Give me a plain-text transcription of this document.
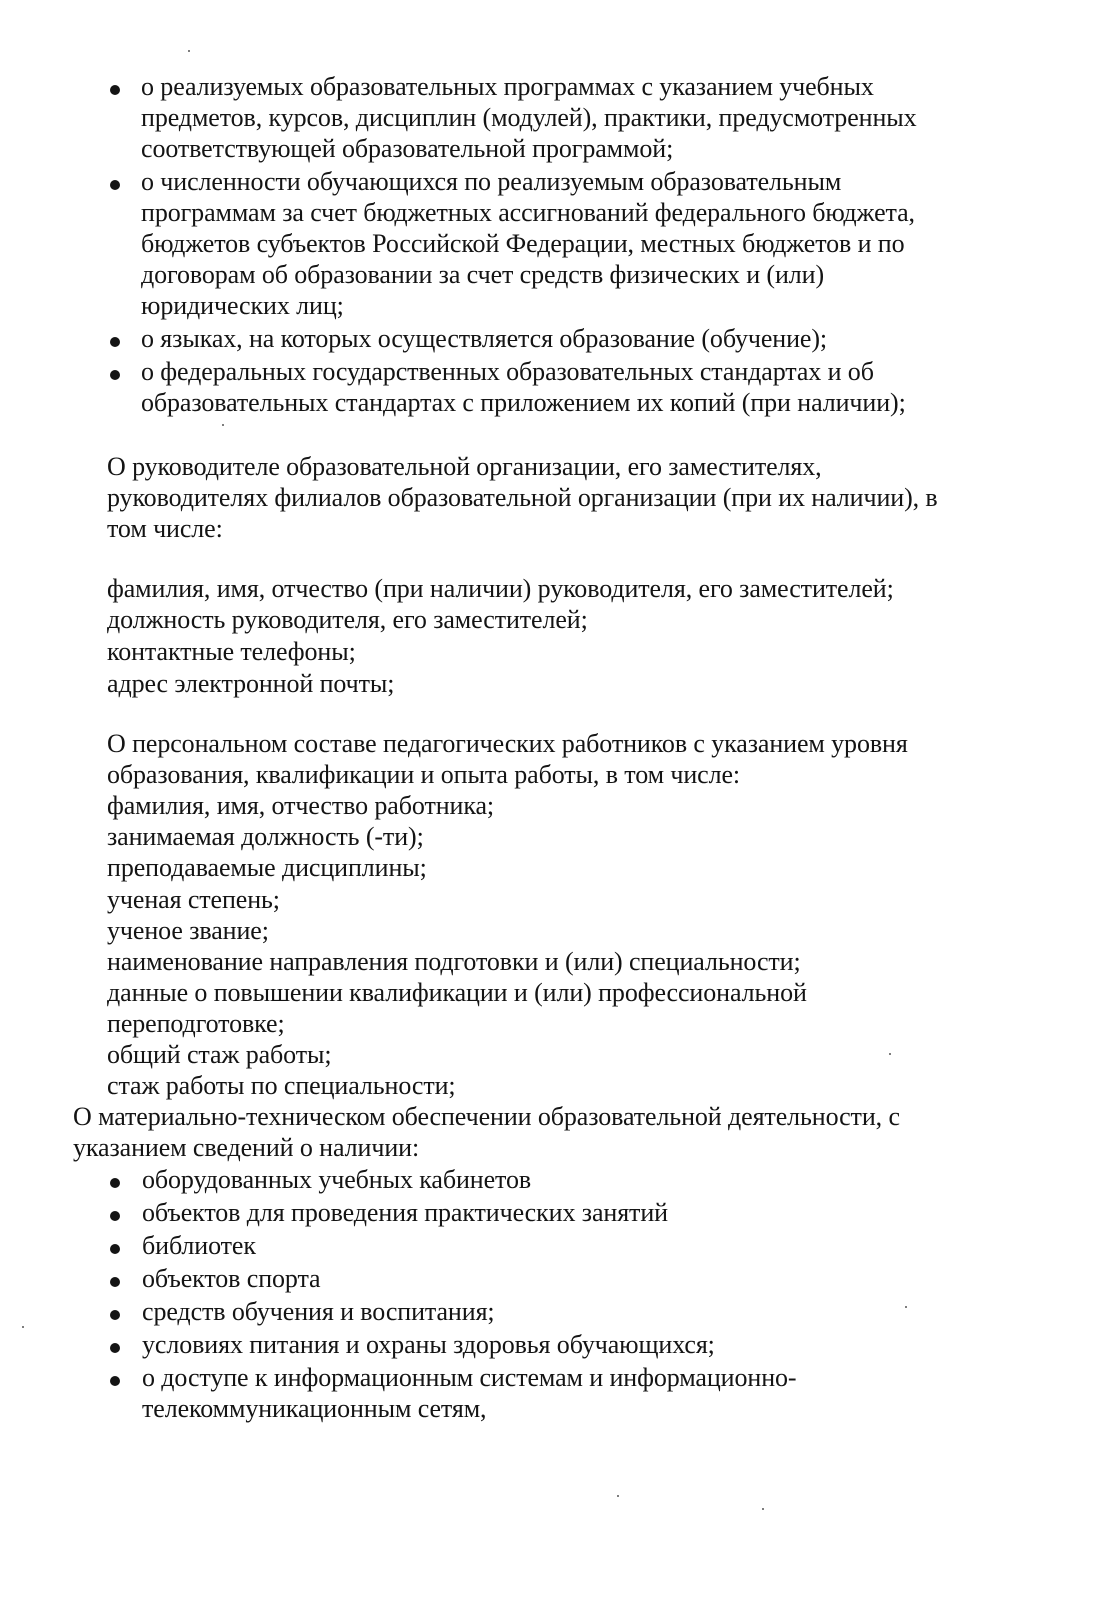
о реализуемых образовательных программах с указанием учебных
предметов, курсов, дисциплин (модулей), практики, предусмотренных
соответствующей образовательной программой;
о численности обучающихся по реализуемым образовательным
программам за счет бюджетных ассигнований федерального бюджета,
бюджетов субъектов Российской Федерации, местных бюджетов и по
договорам об образовании за счет средств физических и (или)
юридических лиц;
о языках, на которых осуществляется образование (обучение);
о федеральных государственных образовательных стандартах и об
образовательных стандартах с приложением их копий (при наличии);
О руководителе образовательной организации, его заместителях,
руководителях филиалов образовательной организации (при их наличии), в
том числе:
фамилия, имя, отчество (при наличии) руководителя, его заместителей;
должность руководителя, его заместителей;
контактные телефоны;
адрес электронной почты;
О персональном составе педагогических работников с указанием уровня
образования, квалификации и опыта работы, в том числе:
фамилия, имя, отчество работника;
занимаемая должность (-ти);
преподаваемые дисциплины;
ученая степень;
ученое звание;
наименование направления подготовки и (или) специальности;
данные о повышении квалификации и (или) профессиональной
переподготовке;
общий стаж работы;
стаж работы по специальности;
О материально-техническом обеспечении образовательной деятельности, с
указанием сведений о наличии:
оборудованных учебных кабинетов
объектов для проведения практических занятий
библиотек
объектов спорта
средств обучения и воспитания;
условиях питания и охраны здоровья обучающихся;
о доступе к информационным системам и информационно-
телекоммуникационным сетям,
